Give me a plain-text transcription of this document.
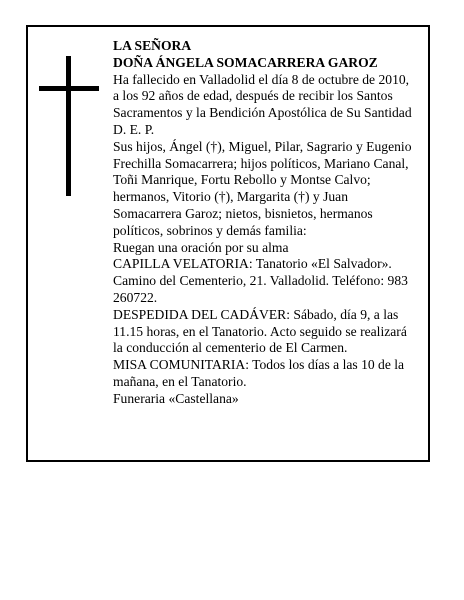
LA SEÑORA

DOÑA ÁNGELA SOMACARRERA GAROZ

Ha fallecido en Valladolid el día 8 de octubre de 2010, a los 92 años de edad, después de recibir los Santos Sacramentos y la Bendición Apostólica de Su Santidad D. E. P.

Sus hijos, Ángel (†), Miguel, Pilar, Sagrario y Eugenio Frechilla Somacarrera; hijos políticos, Mariano Canal, Toñi Manrique, Fortu Rebollo y Montse Calvo; hermanos, Vitorio (†), Margarita (†) y Juan Somacarrera Garoz; nietos, bisnietos, hermanos políticos, sobrinos y demás familia:

Ruegan una oración por su alma

CAPILLA VELATORIA: Tanatorio «El Salvador». Camino del Cementerio, 21. Valladolid. Teléfono: 983 260722.

DESPEDIDA DEL CADÁVER: Sábado, día 9, a las 11.15 horas, en el Tanatorio. Acto seguido se realizará la conducción al cementerio de El Carmen.

MISA COMUNITARIA: Todos los días a las 10 de la mañana, en el Tanatorio.

Funeraria «Castellana»
